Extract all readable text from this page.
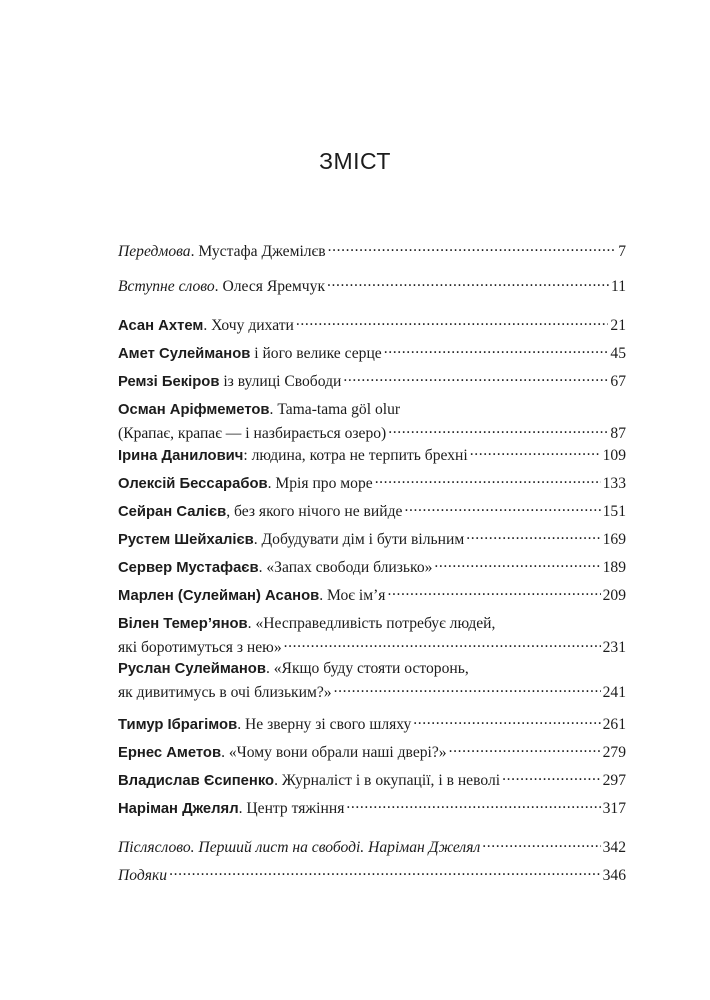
ЗМІСТ
Передмова. Мустафа Джемілєв .....	7
Вступне слово. Олеся Яремчук .....	11
Асан Ахтем. Хочу дихати .....	21
Амет Сулейманов і його велике серце .....	45
Ремзі Бекіров із вулиці Свободи .....	67
Осман Аріфмеметов. Tama-tama göl olur
(Крапає, крапає — і назбирається озеро) .....	87
Ірина Данилович: людина, котра не терпить брехні .....	109
Олексій Бессарабов. Мрія про море .....	133
Сейран Салієв, без якого нічого не вийде .....	151
Рустем Шейхалієв. Добудувати дім і бути вільним .....	169
Сервер Мустафаєв. «Запах свободи близько» .....	189
Марлен (Сулейман) Асанов. Моє ім’я .....	209
Вілен Темер’янов. «Несправедливість потребує людей,
які боротимуться з нею» .....	231
Руслан Сулейманов. «Якщо буду стояти осторонь,
як дивитимусь в очі близьким?» .....	241
Тимур Ібрагімов. Не зверну зі свого шляху .....	261
Ернес Аметов. «Чому вони обрали наші двері?» .....	279
Владислав Єсипенко. Журналіст і в окупації, і в неволі .....	297
Наріман Джелял. Центр тяжіння .....	317
Післяслово. Перший лист на свободі. Наріман Джелял .....	342
Подяки .....	346
